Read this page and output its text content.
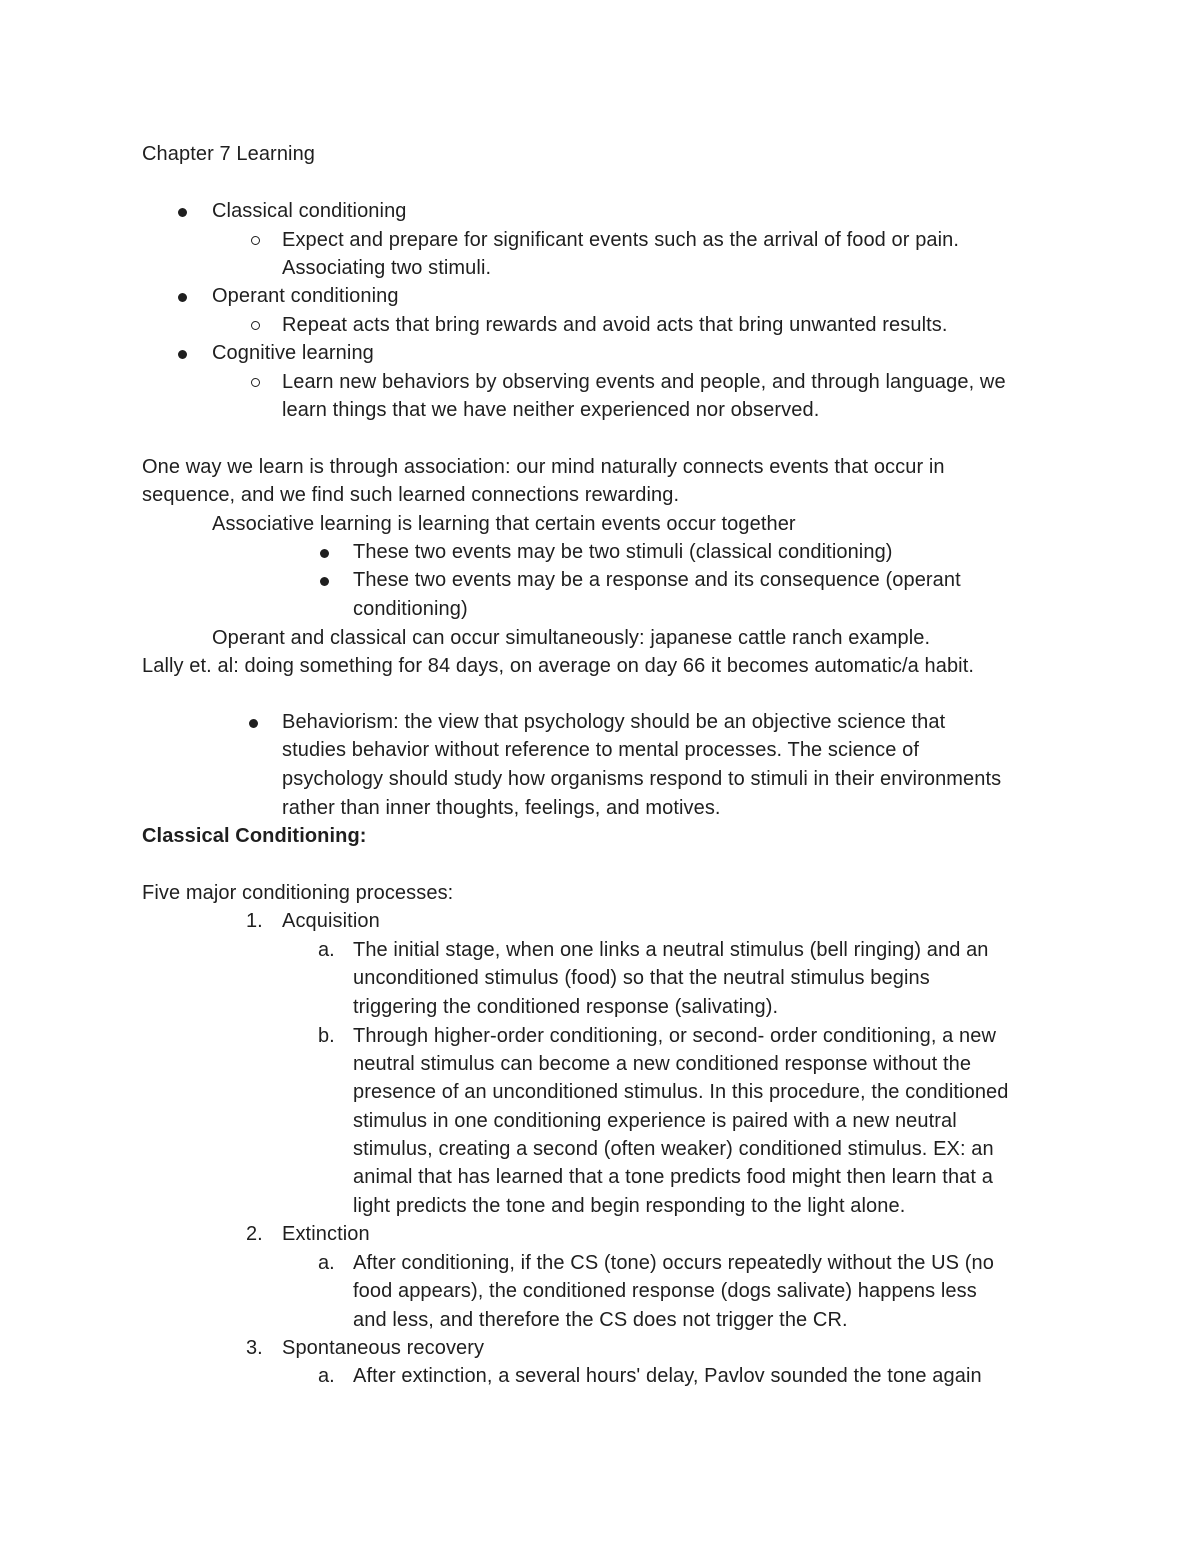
Chapter 7 Learning
Classical conditioning
Expect and prepare for significant events such as the arrival of food or pain.
Associating two stimuli.
Operant conditioning
Repeat acts that bring rewards and avoid acts that bring unwanted results.
Cognitive learning
Learn new behaviors by observing events and people, and through language, we
learn things that we have neither experienced nor observed.
One way we learn is through association: our mind naturally connects events that occur in
sequence, and we find such learned connections rewarding.
Associative learning is learning that certain events occur together
These two events may be two stimuli (classical conditioning)
These two events may be a response and its consequence (operant
conditioning)
Operant and classical can occur simultaneously: japanese cattle ranch example.
Lally et. al: doing something for 84 days, on average on day 66 it becomes automatic/a habit.
Behaviorism: the view that psychology should be an objective science that
studies behavior without reference to mental processes. The science of
psychology should study how organisms respond to stimuli in their environments
rather than inner thoughts, feelings, and motives.
Classical Conditioning:
Five major conditioning processes:
1. Acquisition
a. The initial stage, when one links a neutral stimulus (bell ringing) and an
unconditioned stimulus (food) so that the neutral stimulus begins
triggering the conditioned response (salivating).
b. Through higher-order conditioning, or second- order conditioning, a new
neutral stimulus can become a new conditioned response without the
presence of an unconditioned stimulus. In this procedure, the conditioned
stimulus in one conditioning experience is paired with a new neutral
stimulus, creating a second (often weaker) conditioned stimulus. EX: an
animal that has learned that a tone predicts food might then learn that a
light predicts the tone and begin responding to the light alone.
2. Extinction
a. After conditioning, if the CS (tone) occurs repeatedly without the US (no
food appears), the conditioned response (dogs salivate) happens less
and less, and therefore the CS does not trigger the CR.
3. Spontaneous recovery
a. After extinction, a several hours' delay, Pavlov sounded the tone again
